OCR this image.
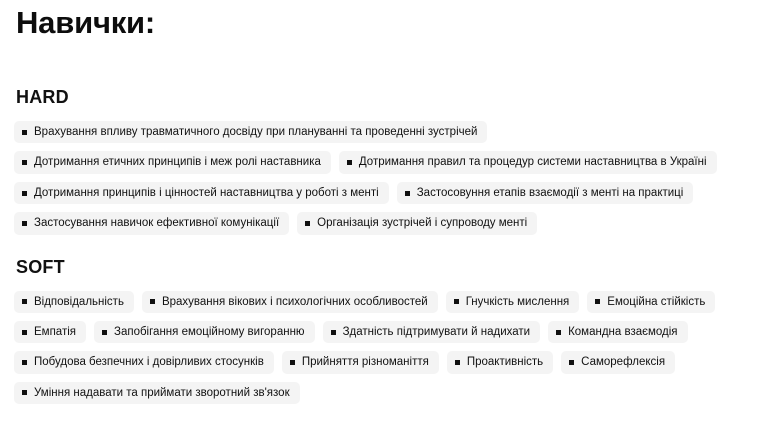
Навички:
HARD
Врахування впливу травматичного досвіду при плануванні та проведенні зустрічей
Дотримання етичних принципів і меж ролі наставника	Дотримання правил та процедур системи наставництва в Україні
Дотримання принципів і цінностей наставництва у роботі з менті	Застосовуння етапів взаємодії з менті на практиці
Застосування навичок ефективної комунікації	Організація зустрічей і супроводу менті
SOFT
Відповідальність	Врахування вікових і психологічних особливостей	Гнучкість мислення	Емоційна стійкість
Емпатія	Запобігання емоційному вигоранню	Здатність підтримувати й надихати	Командна взаємодія
Побудова безпечних і довірливих стосунків	Прийняття різноманіття	Проактивність	Саморефлексія
Уміння надавати та приймати зворотний зв'язок
